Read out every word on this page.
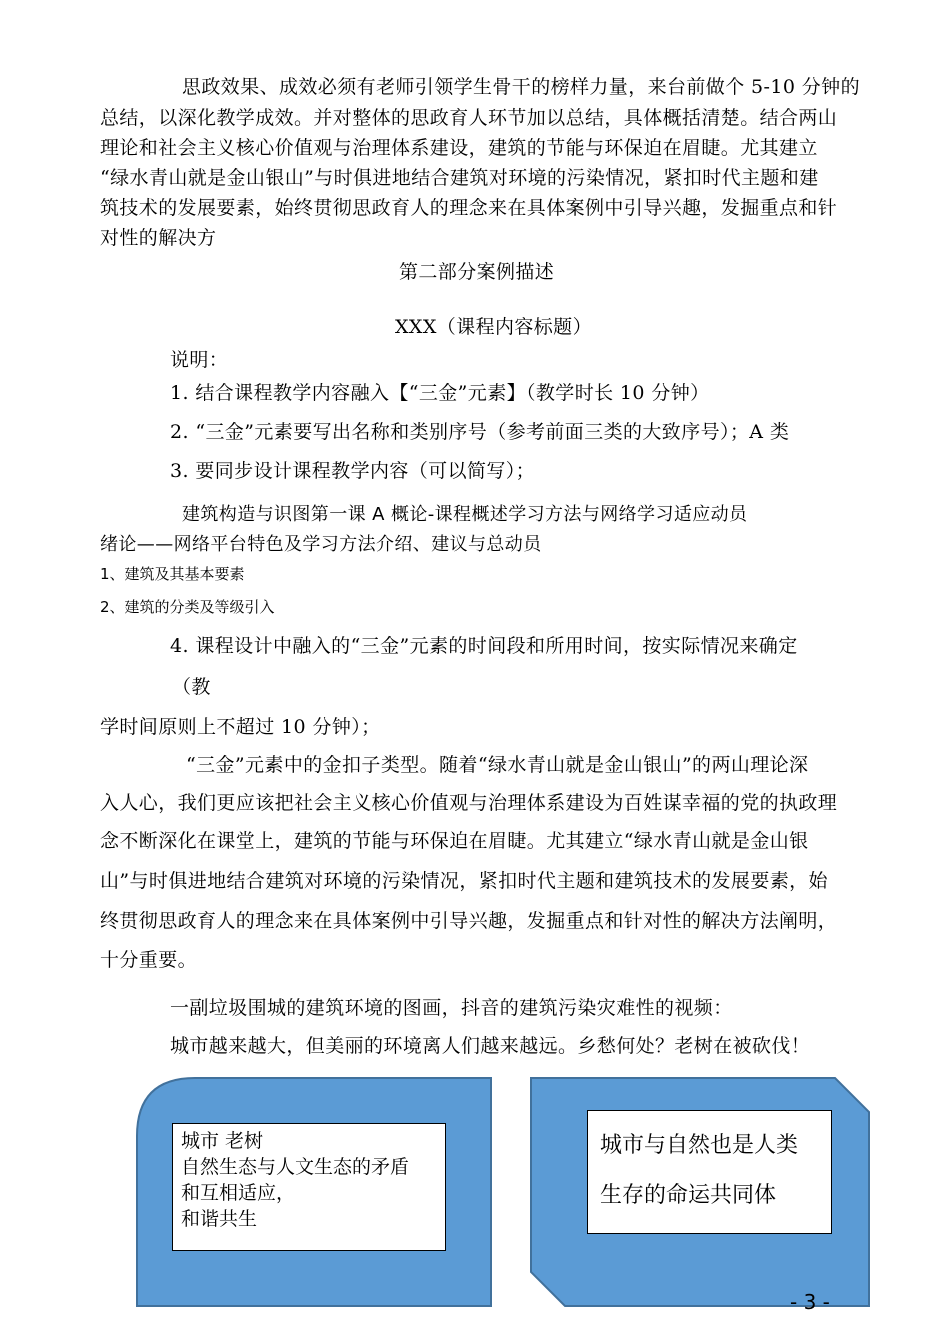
思政效果、成效必须有老师引领学生骨干的榜样力量，来台前做个 5-10 分钟的
总结，以深化教学成效。并对整体的思政育人环节加以总结，具体概括清楚。结合两山
理论和社会主义核心价值观与治理体系建设，建筑的节能与环保迫在眉睫。尤其建立
“绿水青山就是金山银山”与时俱进地结合建筑对环境的污染情况，紧扣时代主题和建
筑技术的发展要素，始终贯彻思政育人的理念来在具体案例中引导兴趣，发掘重点和针
对性的解决方
第二部分案例描述
XXX（课程内容标题）
说明：
1. 结合课程教学内容融入【“三金”元素】（教学时长 10 分钟）
2. “三金”元素要写出名称和类别序号（参考前面三类的大致序号）；A 类
3. 要同步设计课程教学内容（可以简写）；
建筑构造与识图第一课 A 概论-课程概述学习方法与网络学习适应动员
绪论——网络平台特色及学习方法介绍、建议与总动员
1、建筑及其基本要素
2、建筑的分类及等级引入
4. 课程设计中融入的“三金”元素的时间段和所用时间，按实际情况来确定
（教
学时间原则上不超过 10 分钟）；
“三金”元素中的金扣子类型。随着“绿水青山就是金山银山”的两山理论深
入人心，我们更应该把社会主义核心价值观与治理体系建设为百姓谋幸福的党的执政理
念不断深化在课堂上，建筑的节能与环保迫在眉睫。尤其建立“绿水青山就是金山银
山”与时俱进地结合建筑对环境的污染情况，紧扣时代主题和建筑技术的发展要素，始
终贯彻思政育人的理念来在具体案例中引导兴趣，发掘重点和针对性的解决方法阐明，
十分重要。
一副垃圾围城的建筑环境的图画，抖音的建筑污染灾难性的视频：
城市越来越大，但美丽的环境离人们越来越远。乡愁何处？老树在被砍伐！
城市 老树
自然生态与人文生态的矛盾
和互相适应，
和谐共生
城市与自然也是人类
生存的命运共同体
- 3 -
